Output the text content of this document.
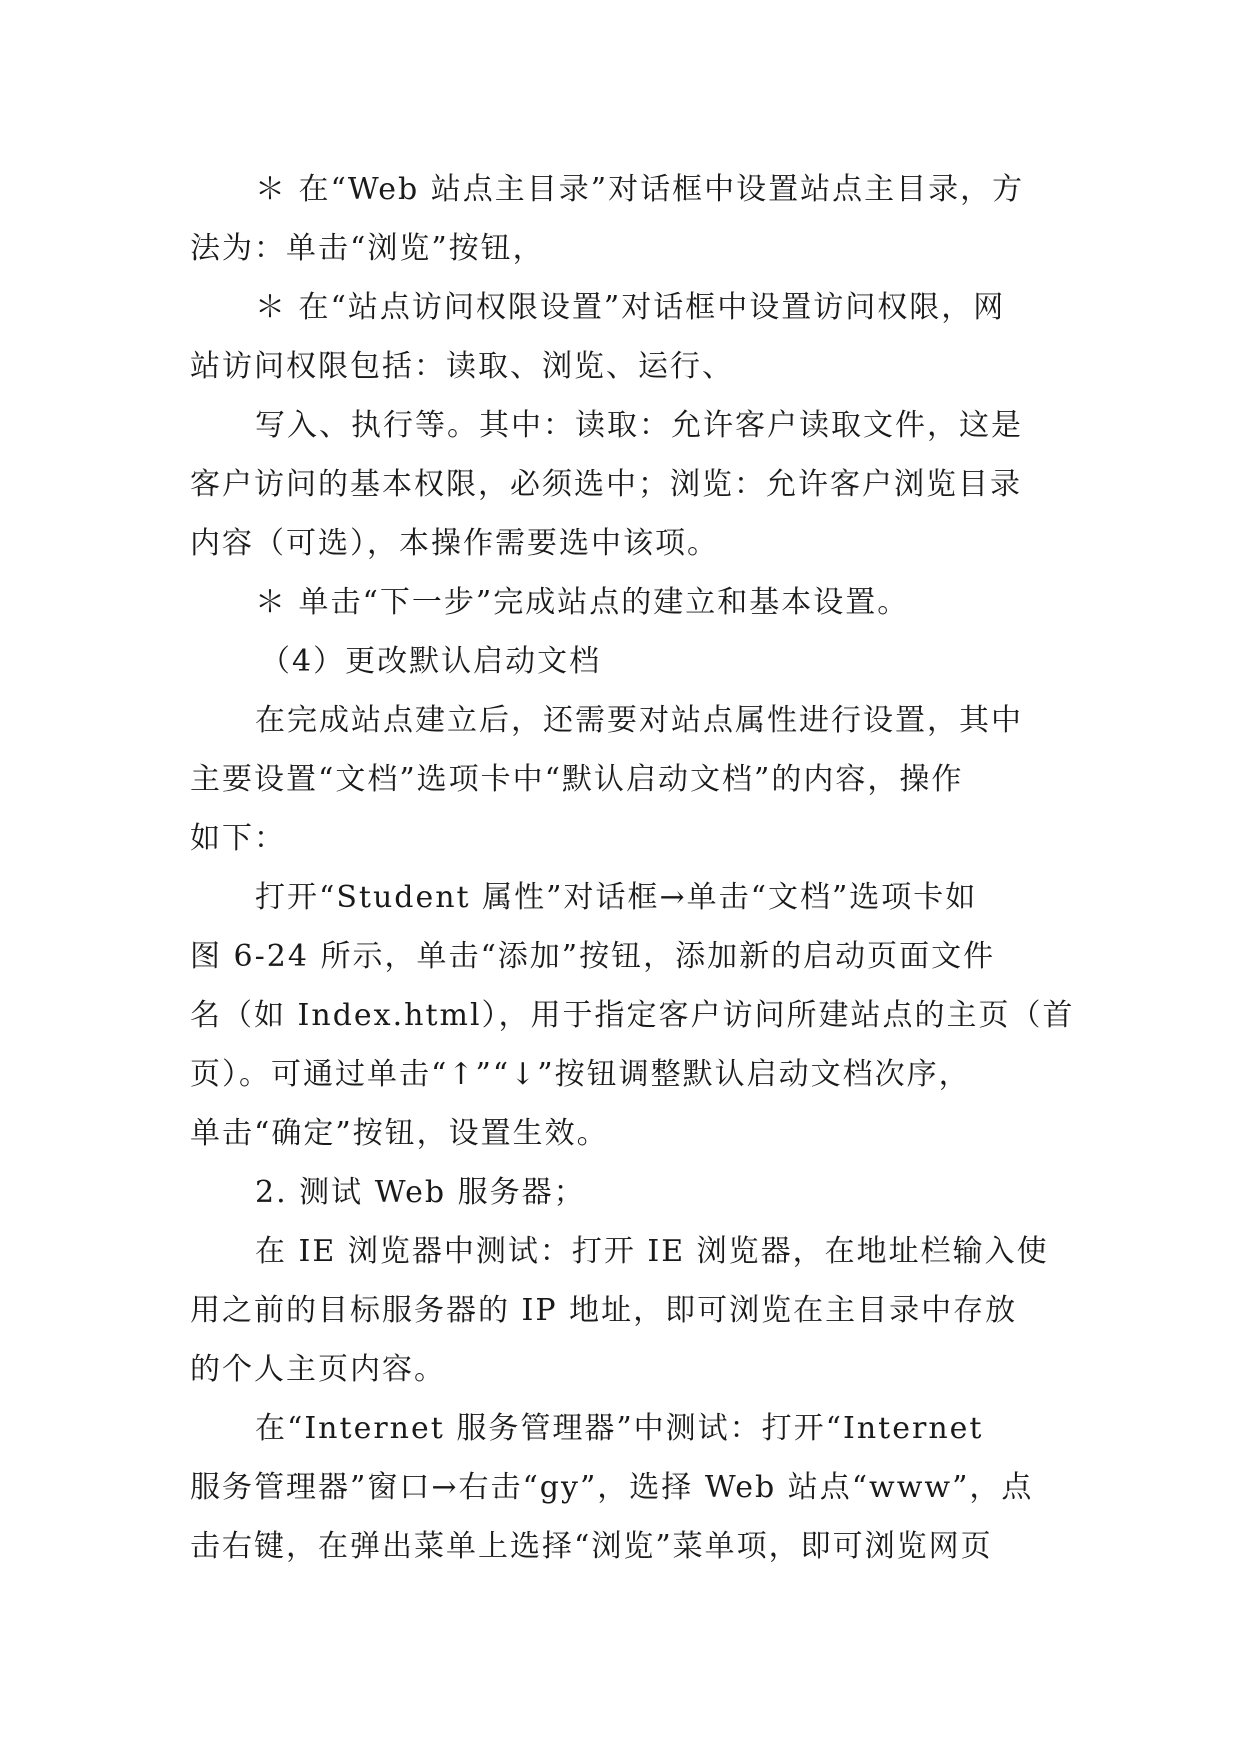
＊ 在“Web 站点主目录”对话框中设置站点主目录，方
法为：单击“浏览”按钮，
＊ 在“站点访问权限设置”对话框中设置访问权限，网
站访问权限包括：读取、浏览、运行、
写入、执行等。其中：读取：允许客户读取文件，这是
客户访问的基本权限，必须选中；浏览：允许客户浏览目录
内容（可选），本操作需要选中该项。
＊ 单击“下一步”完成站点的建立和基本设置。
（4）更改默认启动文档
在完成站点建立后，还需要对站点属性进行设置，其中
主要设置“文档”选项卡中“默认启动文档”的内容，操作
如下：
打开“Student 属性”对话框→单击“文档”选项卡如
图 6-24 所示，单击“添加”按钮，添加新的启动页面文件
名（如 Index.html），用于指定客户访问所建站点的主页（首
页）。可通过单击“↑”“↓”按钮调整默认启动文档次序，
单击“确定”按钮，设置生效。
2. 测试 Web 服务器；
在 IE 浏览器中测试：打开 IE 浏览器，在地址栏输入使
用之前的目标服务器的 IP 地址，即可浏览在主目录中存放
的个人主页内容。
在“Internet 服务管理器”中测试：打开“Internet
服务管理器”窗口→右击“gy”，选择 Web 站点“www”，点
击右键，在弹出菜单上选择“浏览”菜单项，即可浏览网页
